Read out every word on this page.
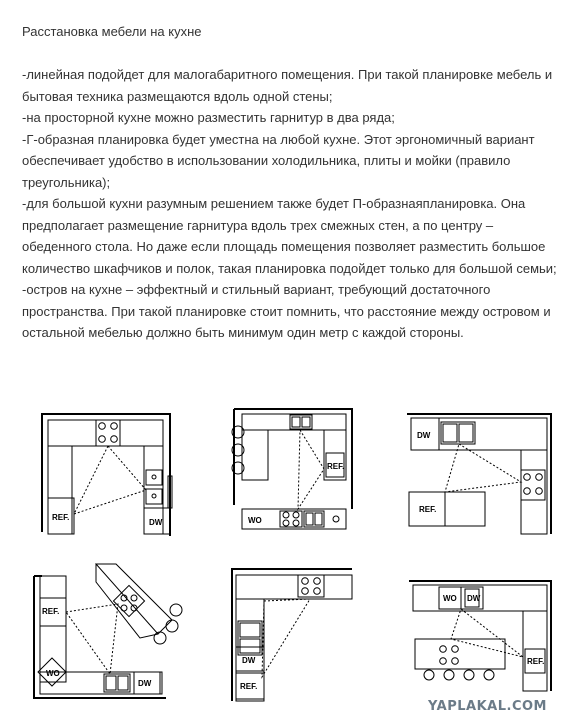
Расстановка мебели на кухне

-линейная подойдет для малогабаритного помещения. При такой планировке мебель и бытовая техника размещаются вдоль одной стены;

-на просторной кухне можно разместить гарнитур в два ряда;

-Г-образная планировка будет уместна на любой кухне. Этот эргономичный вариант обеспечивает удобство в использовании холодильника, плиты и мойки (правило треугольника);

-для большой кухни разумным решением также будет П-образнаяпланировка. Она предполагает размещение гарнитура вдоль трех смежных стен, а по центру – обеденного стола. Но даже если площадь помещения позволяет разместить большое количество шкафчиков и полок, такая планировка подойдет только для большой семьи;

-остров на кухне – эффектный и стильный вариант, требующий достаточного пространства. При такой планировке стоит помнить, что расстояние между островом и остальной мебелью должно быть минимум один метр с каждой стороны.

REF.
DW
REF.
WO
DW
REF.
REF.
WO
DW
DW
REF.
WO DW
REF.
YAPLAKAL.COM
